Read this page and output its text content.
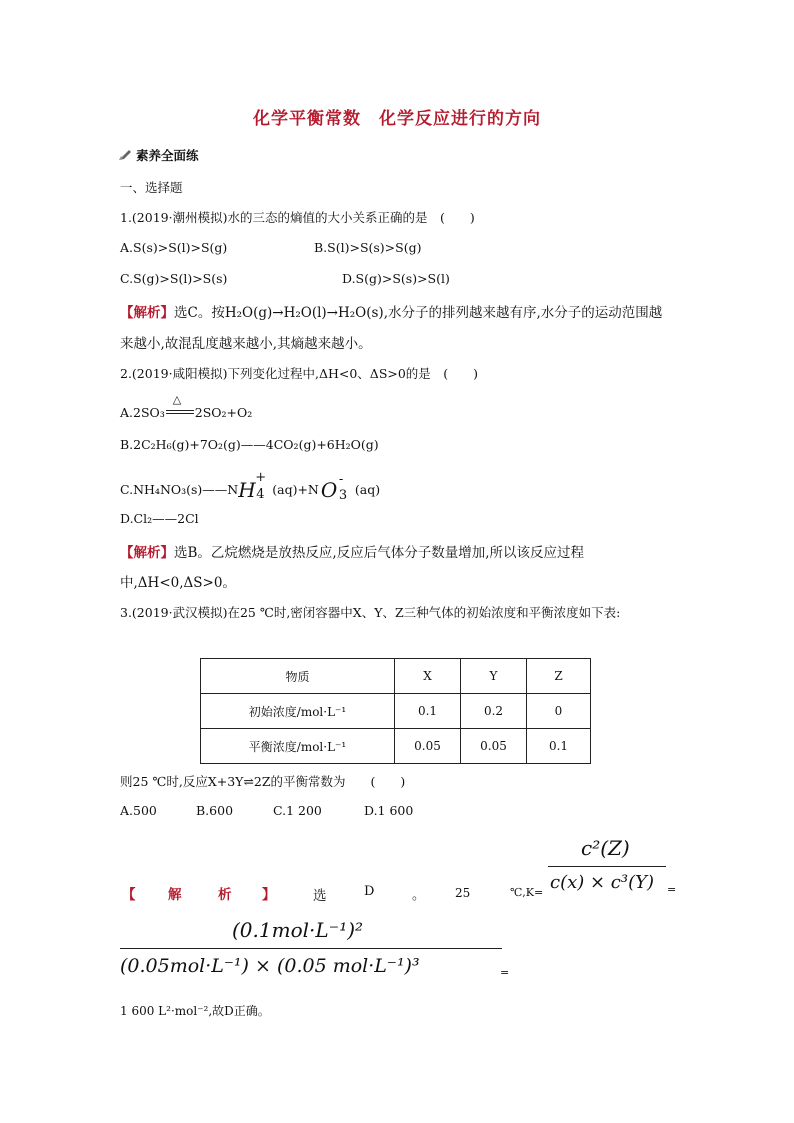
化学平衡常数　化学反应进行的方向
素养全面练
一、选择题
1.(2019·潮州模拟)水的三态的熵值的大小关系正确的是　(　　)
A.S(s)>S(l)>S(g)	B.S(l)>S(s)>S(g)
C.S(g)>S(l)>S(s)	D.S(g)>S(s)>S(l)
【解析】选C。按H₂O(g)→H₂O(l)→H₂O(s),水分子的排列越来越有序,水分子的运动范围越
来越小,故混乱度越来越小,其熵越来越小。
2.(2019·咸阳模拟)下列变化过程中,ΔH<0、ΔS>0的是　(　　)
A.2SO₃
△
2SO₂+O₂
B.2C₂H₆(g)+7O₂(g)——4CO₂(g)+6H₂O(g)
C.NH₄NO₃(s)——N H
+
4 (aq)+N O -
3 (aq)
D.Cl₂——2Cl
【解析】选B。乙烷燃烧是放热反应,反应后气体分子数量增加,所以该反应过程
中,ΔH<0,ΔS>0。
3.(2019·武汉模拟)在25 ℃时,密闭容器中X、Y、Z三种气体的初始浓度和平衡浓度如下表:
物质	X	Y	Z
初始浓度/mol·L⁻¹	0.1	0.2	0
平衡浓度/mol·L⁻¹	0.05	0.05	0.1
则25 ℃时,反应X+3Y⇌2Z的平衡常数为　　(　　)
A.500	B.600	C.1 200	D.1 600
【 解	析 】	选	D	。 25	℃,K=
c²(Z)
c(x) × c³(Y) =
(0.1mol·L⁻¹)²
(0.05mol·L⁻¹) × (0.05 mol·L⁻¹)³	=
1 600 L²·mol⁻²,故D正确。
